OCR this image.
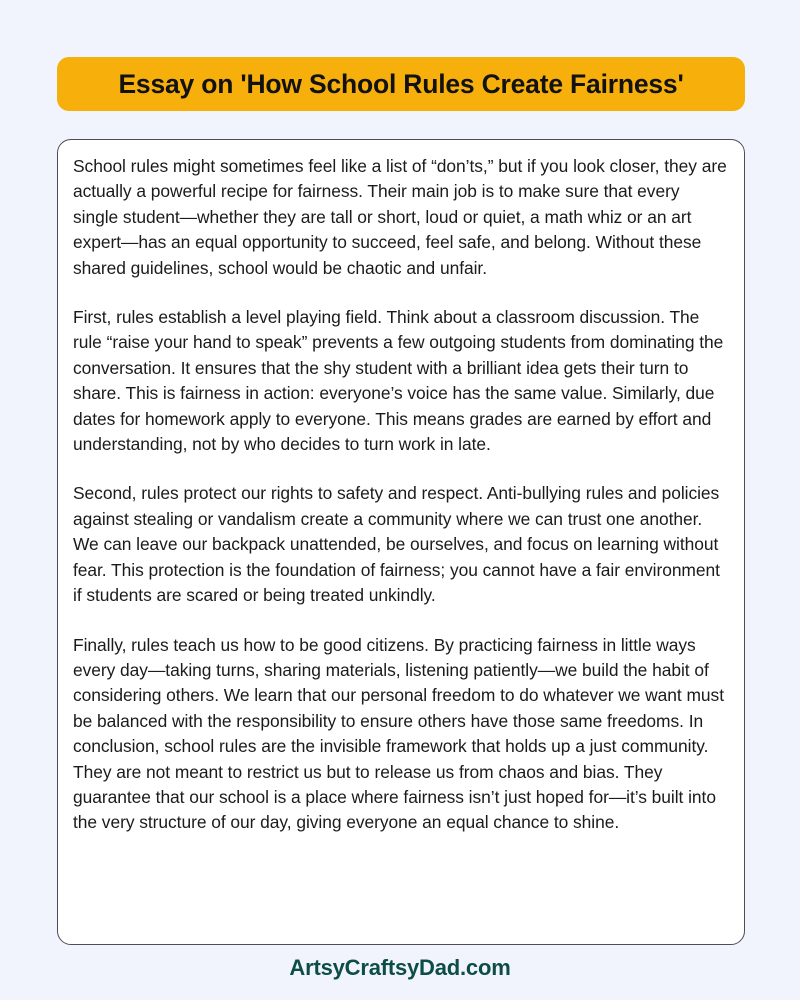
Essay on 'How School Rules Create Fairness'

School rules might sometimes feel like a list of “don’ts,” but if you look closer, they are actually a powerful recipe for fairness. Their main job is to make sure that every single student—whether they are tall or short, loud or quiet, a math whiz or an art expert—has an equal opportunity to succeed, feel safe, and belong. Without these shared guidelines, school would be chaotic and unfair.

First, rules establish a level playing field. Think about a classroom discussion. The rule “raise your hand to speak” prevents a few outgoing students from dominating the conversation. It ensures that the shy student with a brilliant idea gets their turn to share. This is fairness in action: everyone’s voice has the same value. Similarly, due dates for homework apply to everyone. This means grades are earned by effort and understanding, not by who decides to turn work in late.

Second, rules protect our rights to safety and respect. Anti-bullying rules and policies against stealing or vandalism create a community where we can trust one another. We can leave our backpack unattended, be ourselves, and focus on learning without fear. This protection is the foundation of fairness; you cannot have a fair environment if students are scared or being treated unkindly.

Finally, rules teach us how to be good citizens. By practicing fairness in little ways every day—taking turns, sharing materials, listening patiently—we build the habit of considering others. We learn that our personal freedom to do whatever we want must be balanced with the responsibility to ensure others have those same freedoms. In conclusion, school rules are the invisible framework that holds up a just community. They are not meant to restrict us but to release us from chaos and bias. They guarantee that our school is a place where fairness isn’t just hoped for—it’s built into the very structure of our day, giving everyone an equal chance to shine.

ArtsyCraftsyDad.com
